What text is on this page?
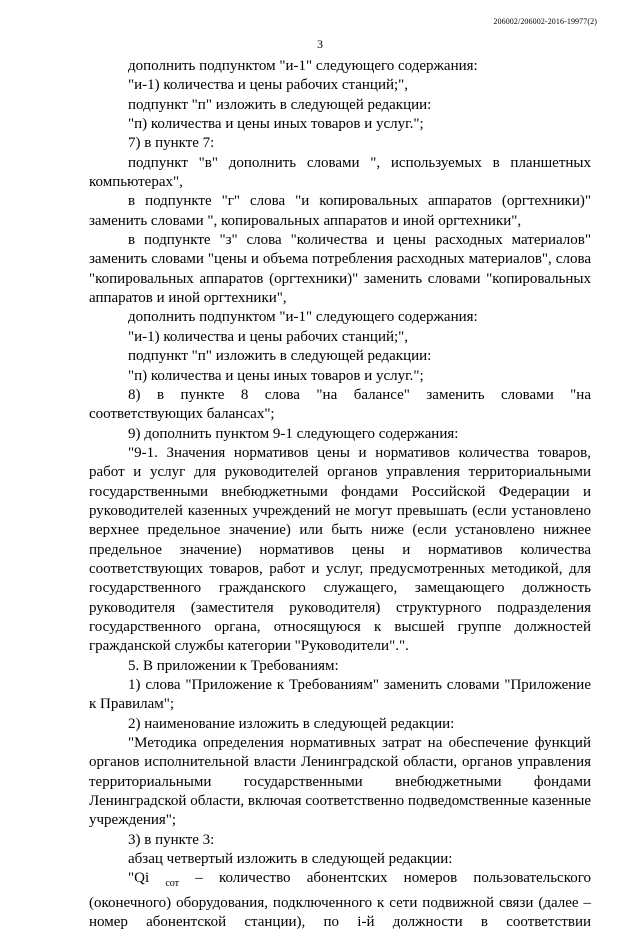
206002/206002-2016-19977(2)
3

дополнить подпунктом "и-1" следующего содержания:

"и-1) количества и цены рабочих станций;",

подпункт "п" изложить в следующей редакции:

"п) количества и цены иных товаров и услуг.";

7) в пункте 7:

подпункт "в" дополнить словами ", используемых в планшетных компьютерах",

в подпункте "г" слова "и копировальных аппаратов (оргтехники)" заменить словами ", копировальных аппаратов и иной оргтехники",

в подпункте "з" слова "количества и цены расходных материалов" заменить словами "цены и объема потребления расходных материалов", слова "копировальных аппаратов (оргтехники)" заменить словами "копировальных аппаратов и иной оргтехники",

дополнить подпунктом "и-1" следующего содержания:

"и-1) количества и цены рабочих станций;",

подпункт "п" изложить в следующей редакции:

"п) количества и цены иных товаров и услуг.";

8) в пункте 8 слова "на балансе" заменить словами "на соответствующих балансах";

9) дополнить пунктом 9-1 следующего содержания:

"9-1. Значения нормативов цены и нормативов количества товаров, работ и услуг для руководителей органов управления территориальными государственными внебюджетными фондами Российской Федерации и руководителей казенных учреждений не могут превышать (если установлено верхнее предельное значение) или быть ниже (если установлено нижнее предельное значение) нормативов цены и нормативов количества соответствующих товаров, работ и услуг, предусмотренных методикой, для государственного гражданского служащего, замещающего должность руководителя (заместителя руководителя) структурного подразделения государственного органа, относящуюся к высшей группе должностей гражданской службы категории "Руководители".".

5. В приложении к Требованиям:

1) слова "Приложение к Требованиям" заменить словами "Приложение к Правилам";

2) наименование изложить в следующей редакции:

"Методика определения нормативных затрат на обеспечение функций органов исполнительной власти Ленинградской области, органов управления территориальными государственными внебюджетными фондами Ленинградской области, включая соответственно подведомственные казенные учреждения";

3) в пункте 3:

абзац четвертый изложить в следующей редакции:

"Qi $_{сот}$ – количество абонентских номеров пользовательского (оконечного) оборудования, подключенного к сети подвижной связи (далее – номер абонентской станции), по i-й должности в соответствии
